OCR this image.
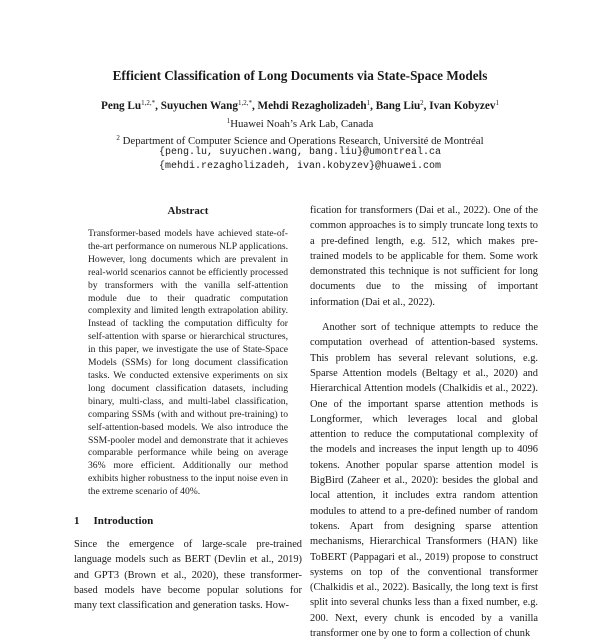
Efficient Classification of Long Documents via State-Space Models
Peng $Lu^{1,2,*}$, Suyuchen Wang$^{1,2,*}$, Mehdi Rezagholizadeh$^1$, Bang Liu$^2$, Ivan Kobyzev$^1$
$^1$Huawei Noah’s Ark Lab, Canada
$^2$ Department of Computer Science and Operations Research, Université de Montréal
{peng.lu, suyuchen.wang, bang.liu}@umontreal.ca
{mehdi.rezagholizadeh, ivan.kobyzev}@huawei.com
Abstract
Transformer-based models have achieved state-of-the-art performance on numerous NLP applications. However, long documents which are prevalent in real-world scenarios cannot be efficiently processed by transformers with the vanilla self-attention module due to their quadratic computation complexity and limited length extrapolation ability. Instead of tackling the computation difficulty for self-attention with sparse or hierarchical structures, in this paper, we investigate the use of State-Space Models (SSMs) for long document classification tasks. We conducted extensive experiments on six long document classification datasets, including binary, multi-class, and multi-label classification, comparing SSMs (with and without pre-training) to self-attention-based models. We also introduce the SSM-pooler model and demonstrate that it achieves comparable performance while being on average 36% more efficient. Additionally our method exhibits higher robustness to the input noise even in the extreme scenario of 40%.
1 Introduction
Since the emergence of large-scale pre-trained language models such as BERT (Devlin et al., 2019) and GPT3 (Brown et al., 2020), these transformer-based models have become popular solutions for many text classification and generation tasks. How-

fication for transformers (Dai et al., 2022). One of the common approaches is to simply truncate long texts to a pre-defined length, e.g. 512, which makes pre-trained models to be applicable for them. Some work demonstrated this technique is not sufficient for long documents due to the missing of important information (Dai et al., 2022).

Another sort of technique attempts to reduce the computation overhead of attention-based systems. This problem has several relevant solutions, e.g. Sparse Attention models (Beltagy et al., 2020) and Hierarchical Attention models (Chalkidis et al., 2022). One of the important sparse attention methods is Longformer, which leverages local and global attention to reduce the computational complexity of the models and increases the input length up to 4096 tokens. Another popular sparse attention model is BigBird (Zaheer et al., 2020): besides the global and local attention, it includes extra random attention modules to attend to a pre-defined number of random tokens. Apart from designing sparse attention mechanisms, Hierarchical Transformers (HAN) like ToBERT (Pappagari et al., 2019) propose to construct systems on top of the conventional transformer (Chalkidis et al., 2022). Basically, the long text is first split into several chunks less than a fixed number, e.g. 200. Next, every chunk is encoded by a vanilla transformer one by one to form a collection of chunk
